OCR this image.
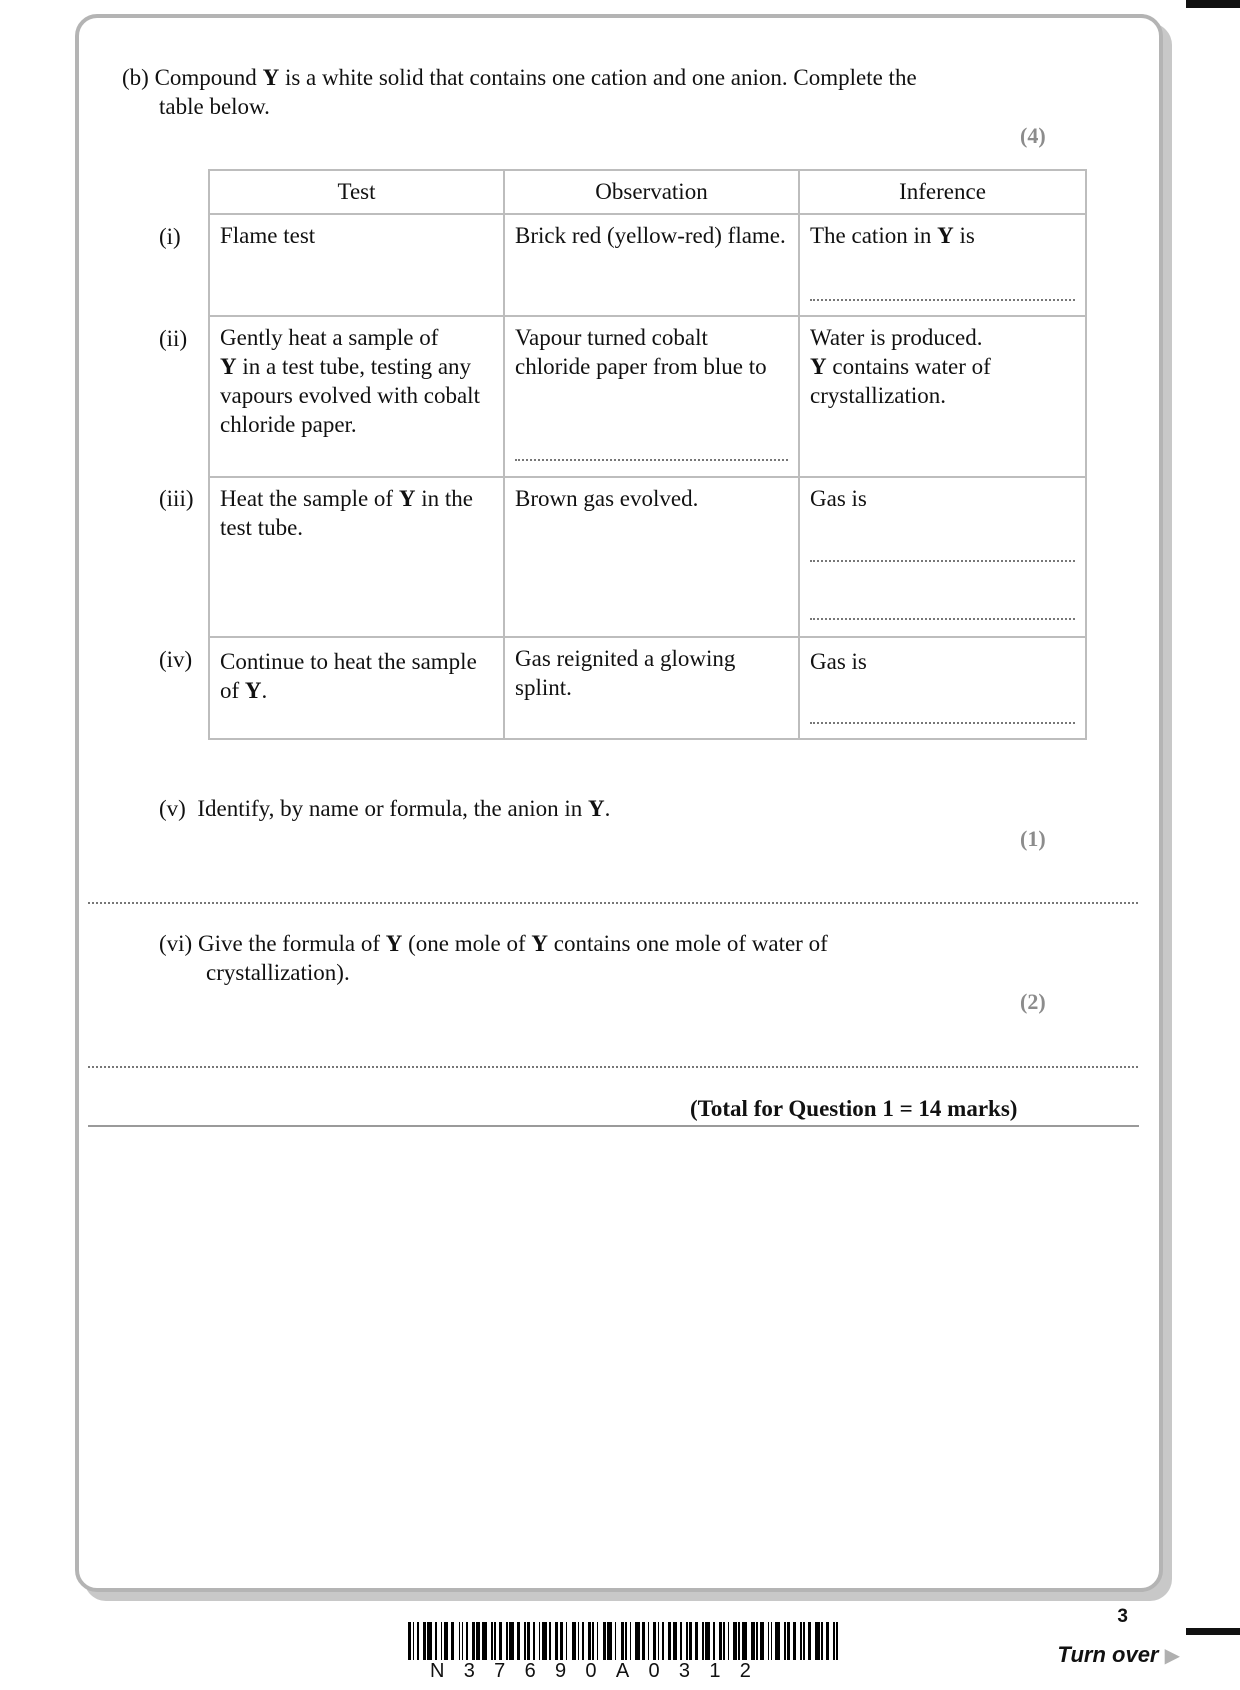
(b) Compound Y is a white solid that contains one cation and one anion. Complete the
table below.
(4)
(i)
(ii)
(iii)
(iv)
Test	Observation	Inference
Flame test	Brick red (yellow-red) flame.	The cation in Y is

Gently heat a sample of
Y in a test tube, testing any vapours evolved with cobalt chloride paper.	Vapour turned cobalt chloride paper from blue to	Water is produced.
Y contains water of crystallization.
Heat the sample of Y in the test tube.	Brown gas evolved.	Gas is

Continue to heat the sample of Y.	Gas reignited a glowing splint.	Gas is
(v) Identify, by name or formula, the anion in Y.
(1)
(vi) Give the formula of Y (one mole of Y contains one mole of water of
crystallization).
(2)
(Total for Question 1 = 14 marks)
3
N37690A0312
Turn over ▶
